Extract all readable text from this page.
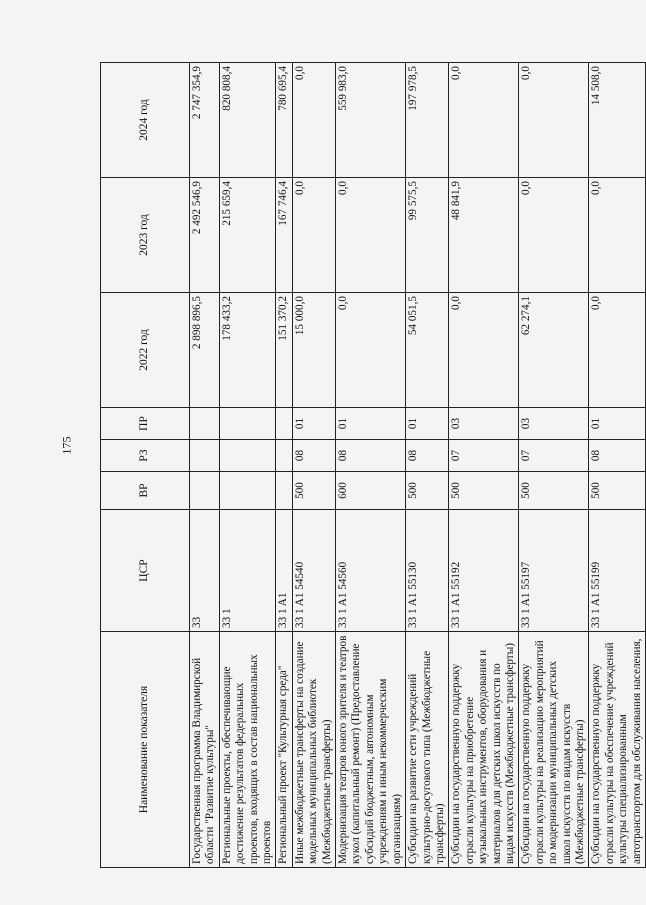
175
Наименование показателя	ЦСР	ВР	РЗ	ПР	2022 год	2023 год	2024 год
Государственная программа Владимирской области "Развитие культуры"	33				2 898 896,5	2 492 546,9	2 747 354,9
Региональные проекты, обеспечивающие достижение результатов федеральных проектов, входящих в состав национальных проектов	33 1				178 433,2	215 659,4	820 808,4
Региональный проект "Культурная среда"	33 1 A1				151 370,2	167 746,4	780 695,4
Иные межбюджетные трансферты на создание модельных муниципальных библиотек (Межбюджетные трансферты)	33 1 A1 54540	500	08	01	15 000,0	0,0	0,0
Модернизация театров юного зрителя и театров кукол (капитальный ремонт) (Предоставление субсидий бюджетным, автономным учреждениям и иным некоммерческим организациям)	33 1 A1 54560	600	08	01	0,0	0,0	559 983,0
Субсидии на развитие сети учреждений культурно-досугового типа (Межбюджетные трансферты)	33 1 A1 55130	500	08	01	54 051,5	99 575,5	197 978,5
Субсидии на государственную поддержку отрасли культуры на приобретение музыкальных инструментов, оборудования и материалов для детских школ искусств по видам искусств (Межбюджетные трансферты)	33 1 A1 55192	500	07	03	0,0	48 841,9	0,0
Субсидии на государственную поддержку отрасли культуры на реализацию мероприятий по модернизации муниципальных детских школ искусств по видам искусств (Межбюджетные трансферты)	33 1 A1 55197	500	07	03	62 274,1	0,0	0,0
Субсидии на государственную поддержку отрасли культуры на обеспечение учреждений культуры специализированным автотранспортом для обслуживания населения,	33 1 A1 55199	500	08	01	0,0	0,0	14 508,0
